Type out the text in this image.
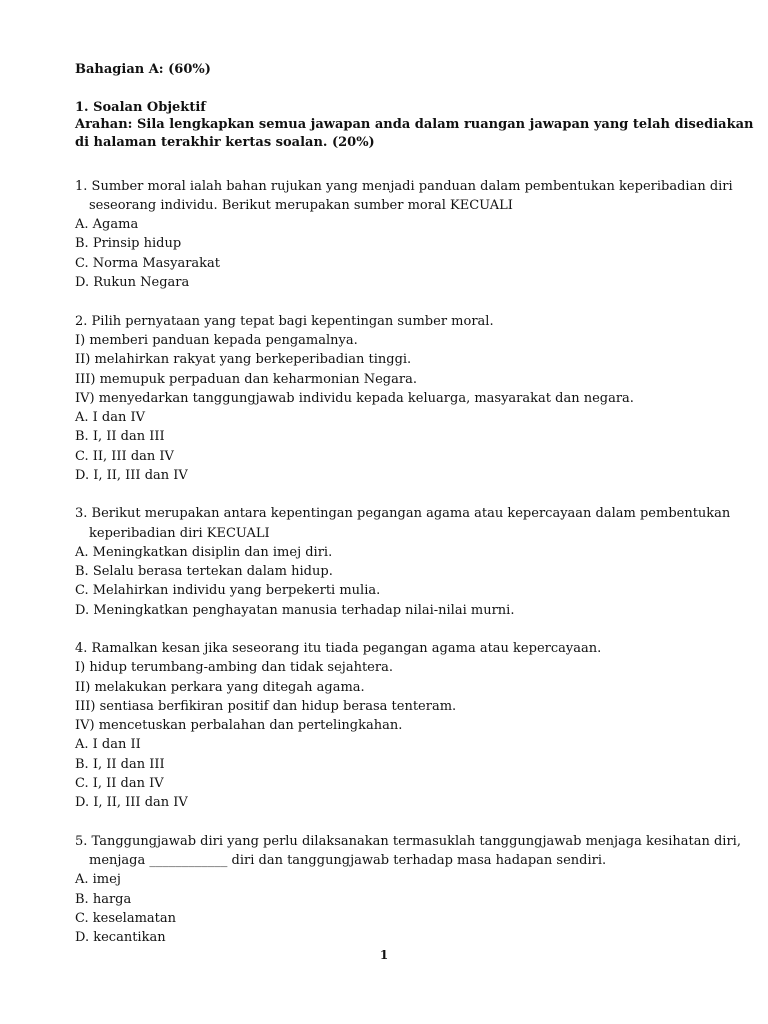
Bahagian A: (60%)
1. Soalan Objektif
Arahan: Sila lengkapkan semua jawapan anda dalam ruangan jawapan yang telah disediakan
di halaman terakhir kertas soalan. (20%)
1. Sumber moral ialah bahan rujukan yang menjadi panduan dalam pembentukan keperibadian diri
seseorang individu. Berikut merupakan sumber moral KECUALI
A. Agama
B. Prinsip hidup
C. Norma Masyarakat
D. Rukun Negara
2. Pilih pernyataan yang tepat bagi kepentingan sumber moral.
I) memberi panduan kepada pengamalnya.
II) melahirkan rakyat yang berkeperibadian tinggi.
III) memupuk perpaduan dan keharmonian Negara.
IV) menyedarkan tanggungjawab individu kepada keluarga, masyarakat dan negara.
A. I dan IV
B. I, II dan III
C. II, III dan IV
D. I, II, III dan IV
3. Berikut merupakan antara kepentingan pegangan agama atau kepercayaan dalam pembentukan
keperibadian diri KECUALI
A. Meningkatkan disiplin dan imej diri.
B. Selalu berasa tertekan dalam hidup.
C. Melahirkan individu yang berpekerti mulia.
D. Meningkatkan penghayatan manusia terhadap nilai-nilai murni.
4. Ramalkan kesan jika seseorang itu tiada pegangan agama atau kepercayaan.
I) hidup terumbang-ambing dan tidak sejahtera.
II) melakukan perkara yang ditegah agama.
III) sentiasa berfikiran positif dan hidup berasa tenteram.
IV) mencetuskan perbalahan dan pertelingkahan.
A. I dan II
B. I, II dan III
C. I, II dan IV
D. I, II, III dan IV
5. Tanggungjawab diri yang perlu dilaksanakan termasuklah tanggungjawab menjaga kesihatan diri,
menjaga ____________ diri dan tanggungjawab terhadap masa hadapan sendiri.
A. imej
B. harga
C. keselamatan
D. kecantikan
1
